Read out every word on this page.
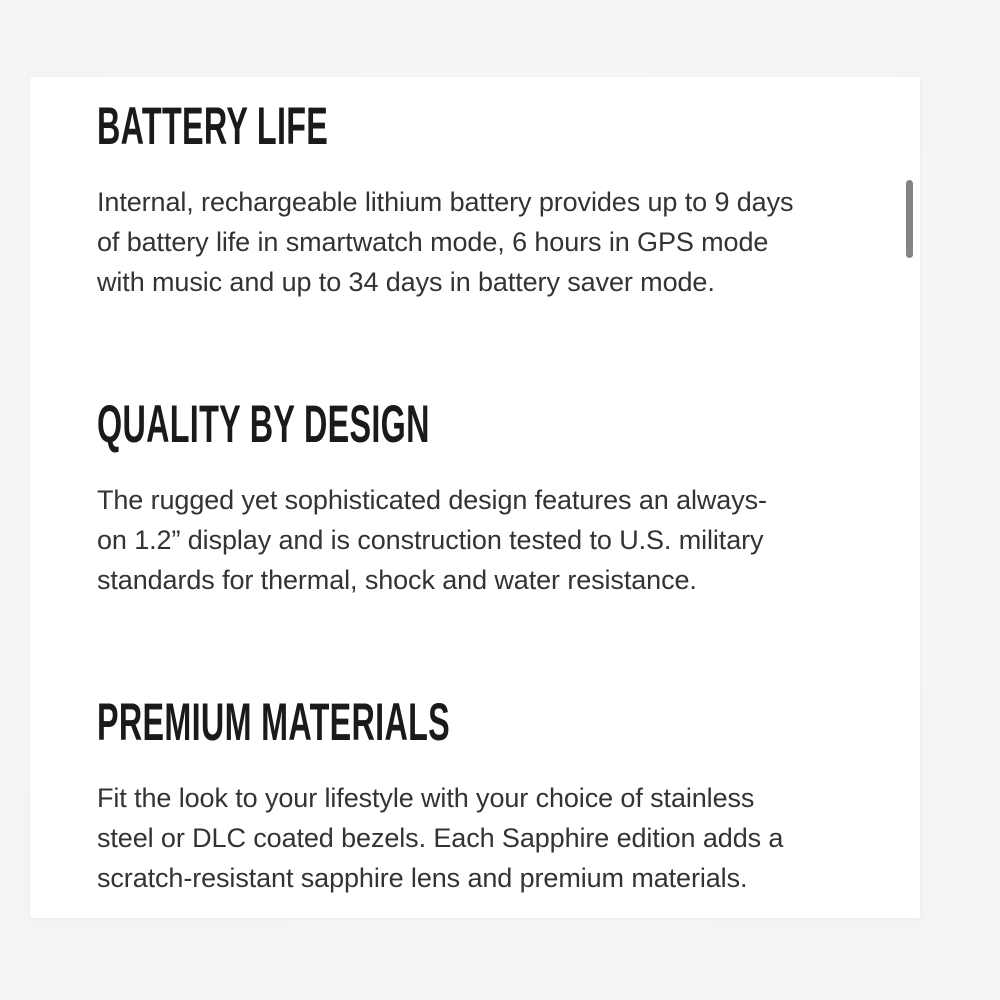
BATTERY LIFE
Internal, rechargeable lithium battery provides up to 9 days
of battery life in smartwatch mode, 6 hours in GPS mode
with music and up to 34 days in battery saver mode.
QUALITY BY DESIGN
The rugged yet sophisticated design features an always-
on 1.2” display and is construction tested to U.S. military
standards for thermal, shock and water resistance.
PREMIUM MATERIALS
Fit the look to your lifestyle with your choice of stainless
steel or DLC coated bezels. Each Sapphire edition adds a
scratch-resistant sapphire lens and premium materials.
